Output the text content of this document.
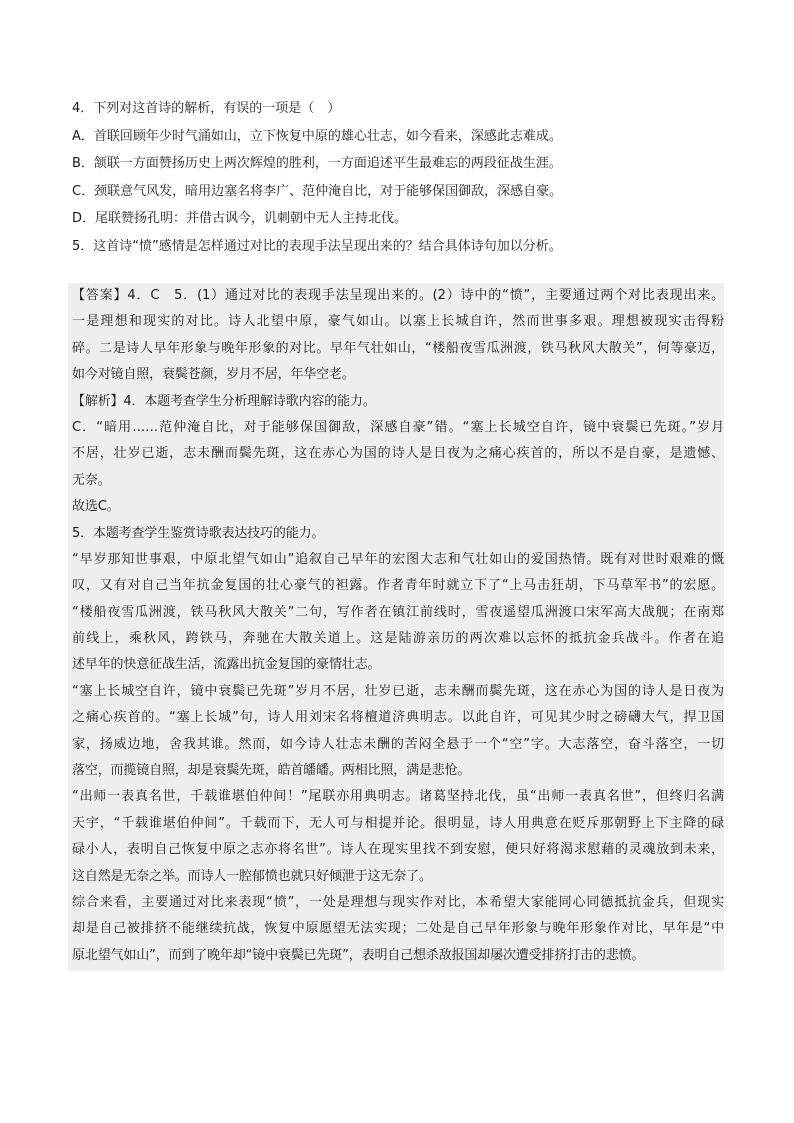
4．下列对这首诗的解析，有误的一项是（　）
A．首联回顾年少时气涌如山，立下恢复中原的雄心壮志，如今看来，深感此志难成。
B．颔联一方面赞扬历史上两次辉煌的胜利，一方面追述平生最难忘的两段征战生涯。
C．颈联意气风发，暗用边塞名将李广、范仲淹自比，对于能够保国御敌，深感自豪。
D．尾联赞扬孔明：并借古讽今，讥刺朝中无人主持北伐。
5．这首诗“愤”感情是怎样通过对比的表现手法呈现出来的？结合具体诗句加以分析。
【答案】4．C　5．(1）通过对比的表现手法呈现出来的。(2）诗中的“愤”，主要通过两个对比表现出来。
一是理想和现实的对比。诗人北望中原，豪气如山。以塞上长城自许，然而世事多艰。理想被现实击得粉
碎。二是诗人早年形象与晚年形象的对比。早年气壮如山，“楼船夜雪瓜洲渡，铁马秋风大散关”，何等豪迈，
如今对镜自照，衰鬓苍颜，岁月不居，年华空老。
【解析】4．本题考查学生分析理解诗歌内容的能力。
C．“暗用……范仲淹自比，对于能够保国御敌，深感自豪”错。“塞上长城空自许，镜中衰鬓已先斑。”岁月
不居，壮岁已逝，志未酬而鬓先斑，这在赤心为国的诗人是日夜为之痛心疾首的，所以不是自豪，是遗憾、
无奈。
故选C。
5．本题考查学生鉴赏诗歌表达技巧的能力。
“早岁那知世事艰，中原北望气如山”追叙自己早年的宏图大志和气壮如山的爱国热情。既有对世时艰难的慨
叹，又有对自己当年抗金复国的壮心豪气的袒露。作者青年时就立下了“上马击狂胡，下马草军书”的宏愿。
“楼船夜雪瓜洲渡，铁马秋风大散关”二句，写作者在镇江前线时，雪夜遥望瓜洲渡口宋军高大战舰；在南郑
前线上，乘秋风，跨铁马，奔驰在大散关道上。这是陆游亲历的两次难以忘怀的抵抗金兵战斗。作者在追
述早年的快意征战生活，流露出抗金复国的豪情壮志。
“塞上长城空自许，镜中衰鬓已先斑”岁月不居，壮岁已逝，志未酬而鬓先斑，这在赤心为国的诗人是日夜为
之痛心疾首的。“塞上长城”句，诗人用刘宋名将檀道济典明志。以此自许，可见其少时之磅礴大气，捍卫国
家，扬威边地，舍我其谁。然而，如今诗人壮志未酬的苦闷全悬于一个“空”字。大志落空，奋斗落空，一切
落空，而揽镜自照，却是衰鬓先斑，皓首皤皤。两相比照，满是悲怆。
“出师一表真名世，千载谁堪伯仲间！”尾联亦用典明志。诸葛坚持北伐，虽“出师一表真名世”，但终归名满
天宇，“千载谁堪伯仲间”。千载而下，无人可与相提并论。很明显，诗人用典意在贬斥那朝野上下主降的碌
碌小人，表明自己恢复中原之志亦将名世”。诗人在现实里找不到安慰，便只好将渴求慰藉的灵魂放到未来，
这自然是无奈之举。而诗人一腔郁愤也就只好倾泄于这无奈了。
综合来看，主要通过对比来表现“愤”，一处是理想与现实作对比，本希望大家能同心同德抵抗金兵，但现实
却是自己被排挤不能继续抗战，恢复中原愿望无法实现；二处是自己早年形象与晚年形象作对比，早年是“中
原北望气如山”，而到了晚年却“镜中衰鬓已先斑”，表明自己想杀敌报国却屡次遭受排挤打击的悲愤。
